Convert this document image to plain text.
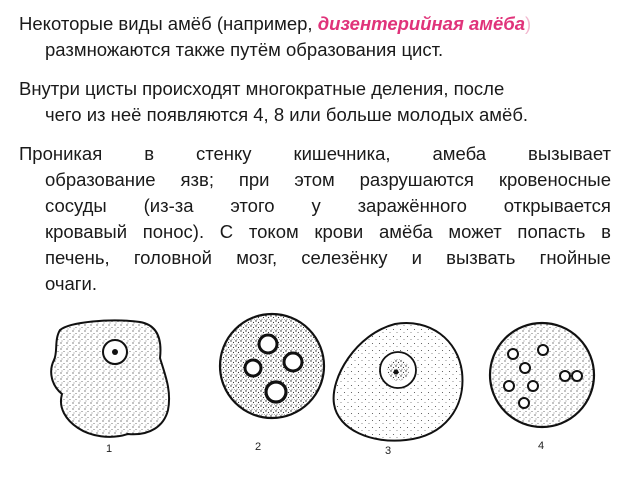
Некоторые виды амёб (например, дизентерийная амёба)
размножаются также путём образования цист.

Внутри цисты происходят многократные деления, после
чего из неё появляются 4, 8 или больше молодых амёб.

Проникая в стенку кишечника, амеба вызывает
образование язв; при этом разрушаются кровеносные
сосуды (из-за этого у заражённого открывается
кровавый понос). С током крови амёба может попасть в
печень, головной мозг, селезёнку и вызвать гнойные
очаги.

1	2	3	4
